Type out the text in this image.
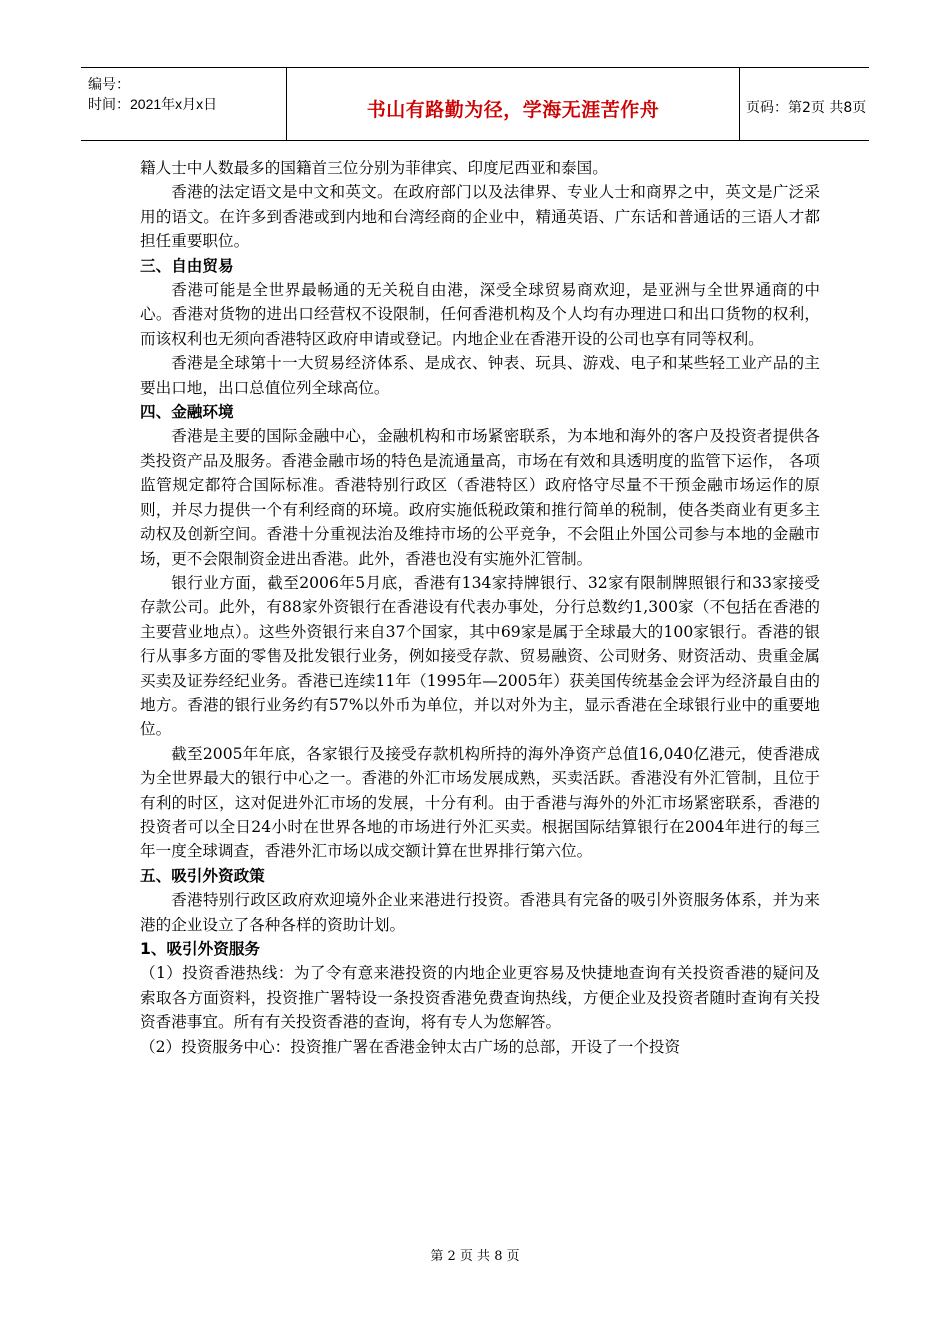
编号：
时间：2021年x月x日	书山有路勤为径，学海无涯苦作舟	页码：第2页 共8页

籍人士中人数最多的国籍首三位分别为菲律宾、印度尼西亚和泰国。

香港的法定语文是中文和英文。在政府部门以及法律界、专业人士和商界之中，英文是广泛采用的语文。在许多到香港或到内地和台湾经商的企业中，精通英语、广东话和普通话的三语人才都担任重要职位。

三、自由贸易

香港可能是全世界最畅通的无关税自由港，深受全球贸易商欢迎，是亚洲与全世界通商的中心。香港对货物的进出口经营权不设限制，任何香港机构及个人均有办理进口和出口货物的权利，而该权利也无须向香港特区政府申请或登记。内地企业在香港开设的公司也享有同等权利。

香港是全球第十一大贸易经济体系、是成衣、钟表、玩具、游戏、电子和某些轻工业产品的主要出口地，出口总值位列全球高位。

四、金融环境

香港是主要的国际金融中心，金融机构和市场紧密联系，为本地和海外的客户及投资者提供各类投资产品及服务。香港金融市场的特色是流通量高，市场在有效和具透明度的监管下运作， 各项监管规定都符合国际标准。香港特别行政区（香港特区）政府恪守尽量不干预金融市场运作的原则，并尽力提供一个有利经商的环境。政府实施低税政策和推行简单的税制，使各类商业有更多主动权及创新空间。香港十分重视法治及维持市场的公平竞争，不会阻止外国公司参与本地的金融市场，更不会限制资金进出香港。此外，香港也没有实施外汇管制。

银行业方面，截至2006年5月底，香港有134家持牌银行、32家有限制牌照银行和33家接受存款公司。此外，有88家外资银行在香港设有代表办事处，分行总数约1,300家（不包括在香港的主要营业地点）。这些外资银行来自37个国家，其中69家是属于全球最大的100家银行。香港的银行从事多方面的零售及批发银行业务，例如接受存款、贸易融资、公司财务、财资活动、贵重金属买卖及证券经纪业务。香港已连续11年（1995年—2005年）获美国传统基金会评为经济最自由的地方。香港的银行业务约有57%以外币为单位，并以对外为主，显示香港在全球银行业中的重要地位。

截至2005年年底，各家银行及接受存款机构所持的海外净资产总值16,040亿港元，使香港成为全世界最大的银行中心之一。香港的外汇市场发展成熟，买卖活跃。香港没有外汇管制，且位于有利的时区，这对促进外汇市场的发展，十分有利。由于香港与海外的外汇市场紧密联系，香港的投资者可以全日24小时在世界各地的市场进行外汇买卖。根据国际结算银行在2004年进行的每三年一度全球调查，香港外汇市场以成交额计算在世界排行第六位。

五、吸引外资政策

香港特别行政区政府欢迎境外企业来港进行投资。香港具有完备的吸引外资服务体系，并为来港的企业设立了各种各样的资助计划。

1、吸引外资服务

（1）投资香港热线：为了令有意来港投资的内地企业更容易及快捷地查询有关投资香港的疑问及索取各方面资料，投资推广署特设一条投资香港免费查询热线，方便企业及投资者随时查询有关投资香港事宜。所有有关投资香港的查询，将有专人为您解答。

（2）投资服务中心：投资推广署在香港金钟太古广场的总部，开设了一个投资

第 2 页 共 8 页
